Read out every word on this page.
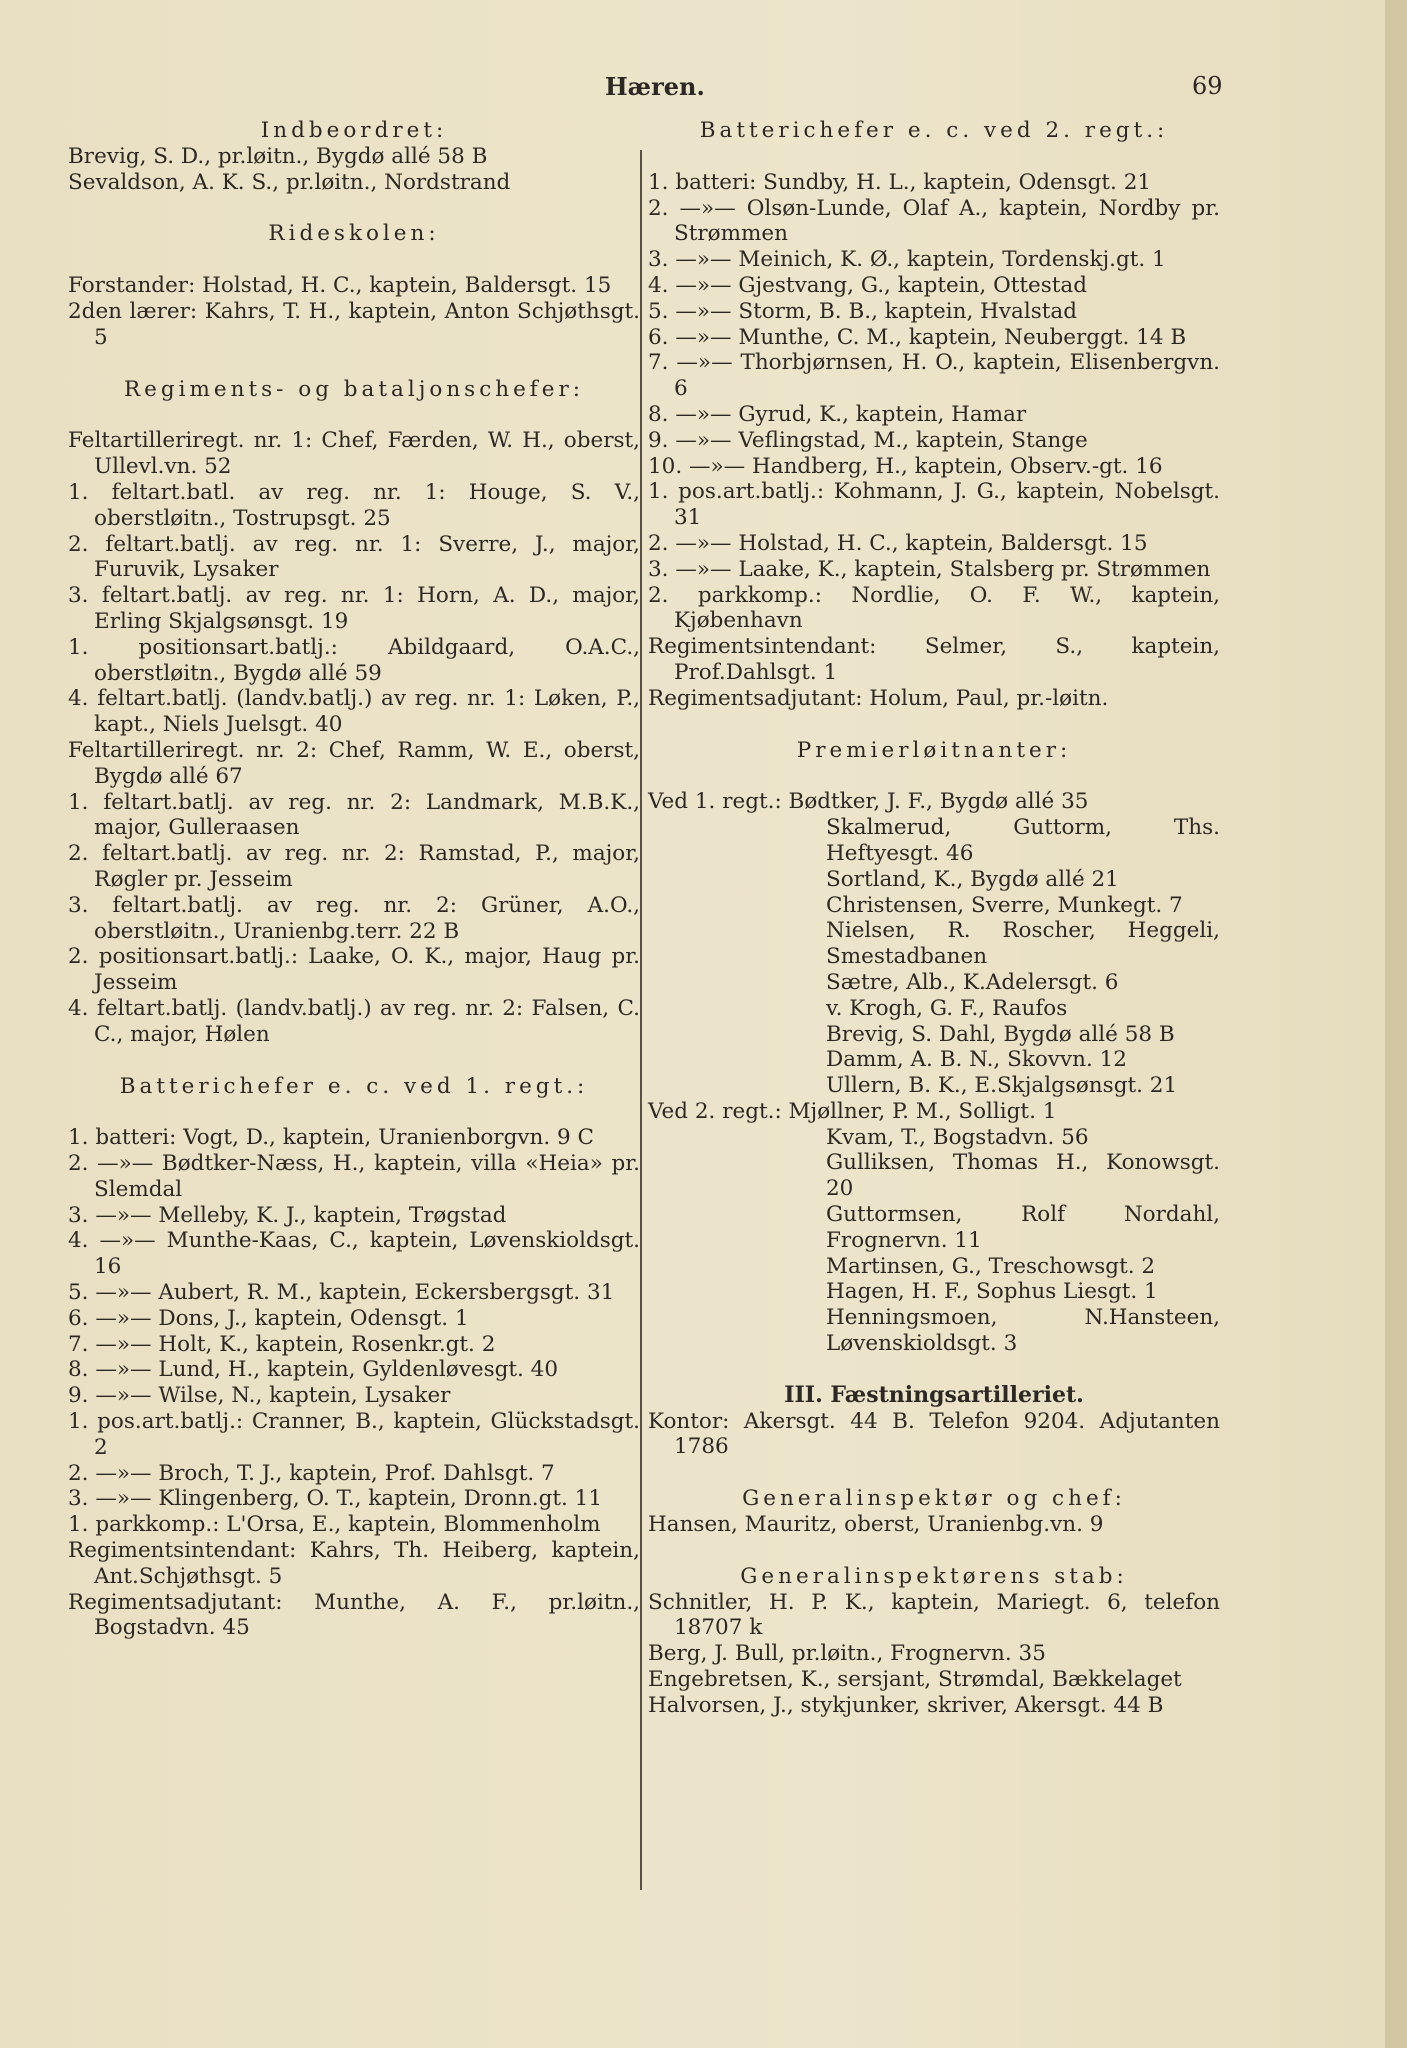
Hæren.	69

Indbeordret:

Brevig, S. D., pr.løitn., Bygdø allé 58 B

Sevaldson, A. K. S., pr.løitn., Nordstrand

Rideskolen:

Forstander: Holstad, H. C., kaptein, Baldersgt. 15

2den lærer: Kahrs, T. H., kaptein, Anton Schjøthsgt. 5

Regiments- og bataljonschefer:

Feltartilleriregt. nr. 1: Chef, Færden, W. H., oberst, Ullevl.vn. 52

1. feltart.batl. av reg. nr. 1: Houge, S. V., oberstløitn., Tostrupsgt. 25

2. feltart.batlj. av reg. nr. 1: Sverre, J., major, Furuvik, Lysaker

3. feltart.batlj. av reg. nr. 1: Horn, A. D., major, Erling Skjalgsønsgt. 19

1. positionsart.batlj.: Abildgaard, O.A.C., oberstløitn., Bygdø allé 59

4. feltart.batlj. (landv.batlj.) av reg. nr. 1: Løken, P., kapt., Niels Juelsgt. 40

Feltartilleriregt. nr. 2: Chef, Ramm, W. E., oberst, Bygdø allé 67

1. feltart.batlj. av reg. nr. 2: Landmark, M.B.K., major, Gulleraasen

2. feltart.batlj. av reg. nr. 2: Ramstad, P., major, Røgler pr. Jesseim

3. feltart.batlj. av reg. nr. 2: Grüner, A.O., oberstløitn., Uranienbg.terr. 22 B

2. positionsart.batlj.: Laake, O. K., major, Haug pr. Jesseim

4. feltart.batlj. (landv.batlj.) av reg. nr. 2: Falsen, C. C., major, Hølen

Batterichefer e. c. ved 1. regt.:

1. batteri: Vogt, D., kaptein, Uranienborgvn. 9 C

2. —»— Bødtker-Næss, H., kaptein, villa «Heia» pr. Slemdal

3. —»— Melleby, K. J., kaptein, Trøgstad

4. —»— Munthe-Kaas, C., kaptein, Løvenskioldsgt. 16

5. —»— Aubert, R. M., kaptein, Eckersbergsgt. 31

6. —»— Dons, J., kaptein, Odensgt. 1

7. —»— Holt, K., kaptein, Rosenkr.gt. 2

8. —»— Lund, H., kaptein, Gyldenløvesgt. 40

9. —»— Wilse, N., kaptein, Lysaker

1. pos.art.batlj.: Cranner, B., kaptein, Glückstadsgt. 2

2. —»— Broch, T. J., kaptein, Prof. Dahlsgt. 7

3. —»— Klingenberg, O. T., kaptein, Dronn.gt. 11

1. parkkomp.: L'Orsa, E., kaptein, Blommenholm

Regimentsintendant: Kahrs, Th. Heiberg, kaptein, Ant.Schjøthsgt. 5

Regimentsadjutant: Munthe, A. F., pr.løitn., Bogstadvn. 45

Batterichefer e. c. ved 2. regt.:

1. batteri: Sundby, H. L., kaptein, Odensgt. 21

2. —»— Olsøn-Lunde, Olaf A., kaptein, Nordby pr. Strømmen

3. —»— Meinich, K. Ø., kaptein, Tordenskj.gt. 1

4. —»— Gjestvang, G., kaptein, Ottestad

5. —»— Storm, B. B., kaptein, Hvalstad

6. —»— Munthe, C. M., kaptein, Neuberggt. 14 B

7. —»— Thorbjørnsen, H. O., kaptein, Elisenbergvn. 6

8. —»— Gyrud, K., kaptein, Hamar

9. —»— Veflingstad, M., kaptein, Stange

10. —»— Handberg, H., kaptein, Observ.-gt. 16

1. pos.art.batlj.: Kohmann, J. G., kaptein, Nobelsgt. 31

2. —»— Holstad, H. C., kaptein, Baldersgt. 15

3. —»— Laake, K., kaptein, Stalsberg pr. Strømmen

2. parkkomp.: Nordlie, O. F. W., kaptein, Kjøbenhavn

Regimentsintendant: Selmer, S., kaptein, Prof.Dahlsgt. 1

Regimentsadjutant: Holum, Paul, pr.-løitn.

Premierløitnanter:

Ved 1. regt.: Bødtker, J. F., Bygdø allé 35

Skalmerud, Guttorm, Ths. Heftyesgt. 46

Sortland, K., Bygdø allé 21

Christensen, Sverre, Munkegt. 7

Nielsen, R. Roscher, Heggeli, Smestadbanen

Sætre, Alb., K.Adelersgt. 6

v. Krogh, G. F., Raufos

Brevig, S. Dahl, Bygdø allé 58 B

Damm, A. B. N., Skovvn. 12

Ullern, B. K., E.Skjalgsønsgt. 21

Ved 2. regt.: Mjøllner, P. M., Solligt. 1

Kvam, T., Bogstadvn. 56

Gulliksen, Thomas H., Konowsgt. 20

Guttormsen, Rolf Nordahl, Frognervn. 11

Martinsen, G., Treschowsgt. 2

Hagen, H. F., Sophus Liesgt. 1

Henningsmoen, N.Hansteen, Løvenskioldsgt. 3

III. Fæstningsartilleriet.

Kontor: Akersgt. 44 B. Telefon 9204. Adjutanten 1786

Generalinspektør og chef:

Hansen, Mauritz, oberst, Uranienbg.vn. 9

Generalinspektørens stab:

Schnitler, H. P. K., kaptein, Mariegt. 6, telefon 18707 k

Berg, J. Bull, pr.løitn., Frognervn. 35

Engebretsen, K., sersjant, Strømdal, Bækkelaget

Halvorsen, J., stykjunker, skriver, Akersgt. 44 B
